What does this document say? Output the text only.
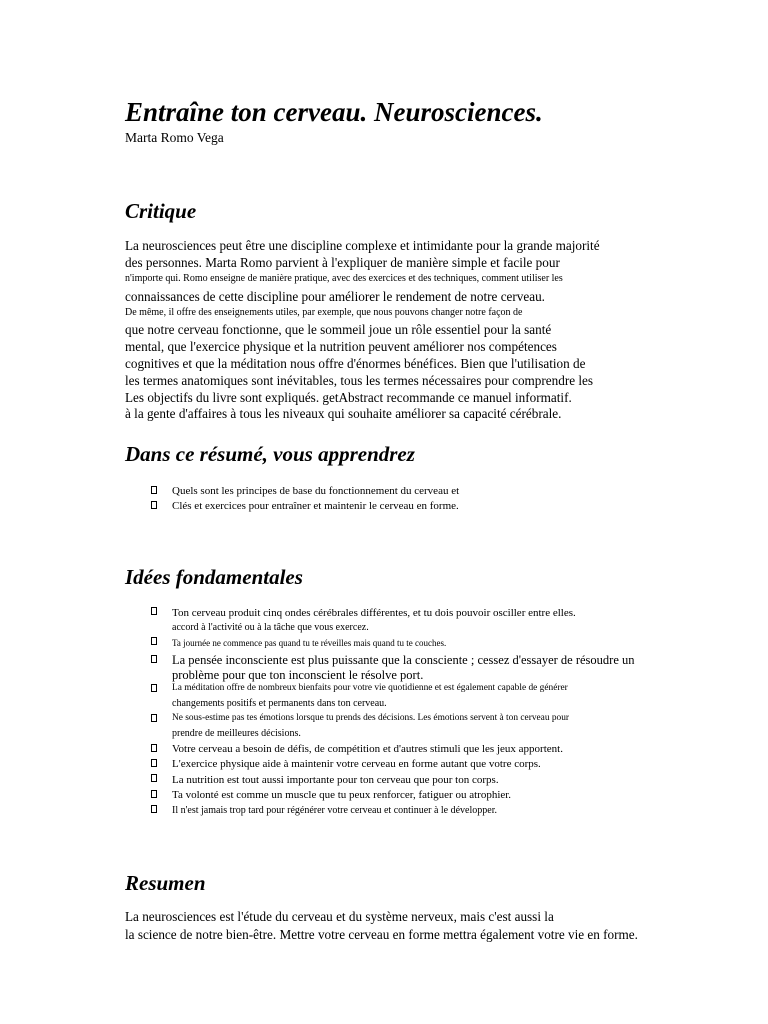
Entraîne ton cerveau. Neurosciences.

Marta Romo Vega

Critique

La neurosciences peut être une discipline complexe et intimidante pour la grande majorité

des personnes. Marta Romo parvient à l'expliquer de manière simple et facile pour

n'importe qui. Romo enseigne de manière pratique, avec des exercices et des techniques, comment utiliser les

connaissances de cette discipline pour améliorer le rendement de notre cerveau.

De même, il offre des enseignements utiles, par exemple, que nous pouvons changer notre façon de

que notre cerveau fonctionne, que le sommeil joue un rôle essentiel pour la santé

mental, que l'exercice physique et la nutrition peuvent améliorer nos compétences

cognitives et que la méditation nous offre d'énormes bénéfices. Bien que l'utilisation de

les termes anatomiques sont inévitables, tous les termes nécessaires pour comprendre les

Les objectifs du livre sont expliqués. getAbstract recommande ce manuel informatif.

à la gente d'affaires à tous les niveaux qui souhaite améliorer sa capacité cérébrale.

Dans ce résumé, vous apprendrez

Quels sont les principes de base du fonctionnement du cerveau et

Clés et exercices pour entraîner et maintenir le cerveau en forme.

Idées fondamentales

Ton cerveau produit cinq ondes cérébrales différentes, et tu dois pouvoir osciller entre elles.

accord à l'activité ou à la tâche que vous exercez.

Ta journée ne commence pas quand tu te réveilles mais quand tu te couches.

La pensée inconsciente est plus puissante que la consciente ; cessez d'essayer de résoudre un

problème pour que ton inconscient le résolve port.

La méditation offre de nombreux bienfaits pour votre vie quotidienne et est également capable de générer

changements positifs et permanents dans ton cerveau.

Ne sous-estime pas tes émotions lorsque tu prends des décisions. Les émotions servent à ton cerveau pour

prendre de meilleures décisions.

Votre cerveau a besoin de défis, de compétition et d'autres stimuli que les jeux apportent.

L'exercice physique aide à maintenir votre cerveau en forme autant que votre corps.

La nutrition est tout aussi importante pour ton cerveau que pour ton corps.

Ta volonté est comme un muscle que tu peux renforcer, fatiguer ou atrophier.

Il n'est jamais trop tard pour régénérer votre cerveau et continuer à le développer.

Resumen

La neurosciences est l'étude du cerveau et du système nerveux, mais c'est aussi la

la science de notre bien-être. Mettre votre cerveau en forme mettra également votre vie en forme.
